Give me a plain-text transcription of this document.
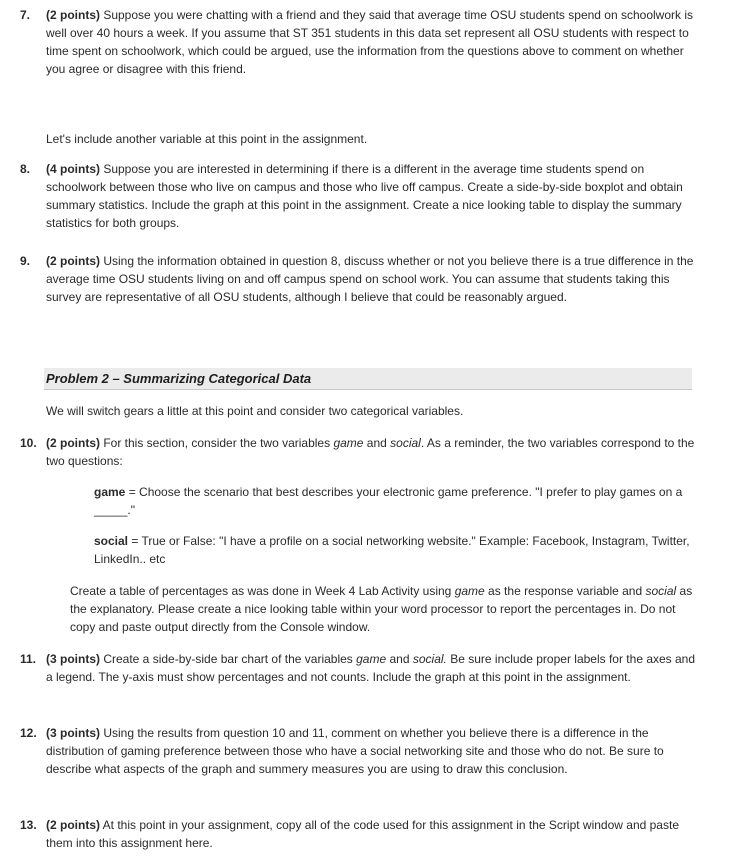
7. (2 points) Suppose you were chatting with a friend and they said that average time OSU students spend on schoolwork is well over 40 hours a week. If you assume that ST 351 students in this data set represent all OSU students with respect to time spent on schoolwork, which could be argued, use the information from the questions above to comment on whether you agree or disagree with this friend.
Let's include another variable at this point in the assignment.
8. (4 points) Suppose you are interested in determining if there is a different in the average time students spend on schoolwork between those who live on campus and those who live off campus. Create a side-by-side boxplot and obtain summary statistics. Include the graph at this point in the assignment. Create a nice looking table to display the summary statistics for both groups.
9. (2 points) Using the information obtained in question 8, discuss whether or not you believe there is a true difference in the average time OSU students living on and off campus spend on school work. You can assume that students taking this survey are representative of all OSU students, although I believe that could be reasonably argued.
Problem 2 – Summarizing Categorical Data
We will switch gears a little at this point and consider two categorical variables.
10. (2 points) For this section, consider the two variables game and social. As a reminder, the two variables correspond to the two questions:
game = Choose the scenario that best describes your electronic game preference. "I prefer to play games on a _____."
social = True or False: "I have a profile on a social networking website." Example: Facebook, Instagram, Twitter, LinkedIn.. etc
Create a table of percentages as was done in Week 4 Lab Activity using game as the response variable and social as the explanatory. Please create a nice looking table within your word processor to report the percentages in. Do not copy and paste output directly from the Console window.
11. (3 points) Create a side-by-side bar chart of the variables game and social. Be sure include proper labels for the axes and a legend. The y-axis must show percentages and not counts. Include the graph at this point in the assignment.
12. (3 points) Using the results from question 10 and 11, comment on whether you believe there is a difference in the distribution of gaming preference between those who have a social networking site and those who do not. Be sure to describe what aspects of the graph and summery measures you are using to draw this conclusion.
13. (2 points) At this point in your assignment, copy all of the code used for this assignment in the Script window and paste them into this assignment here.
